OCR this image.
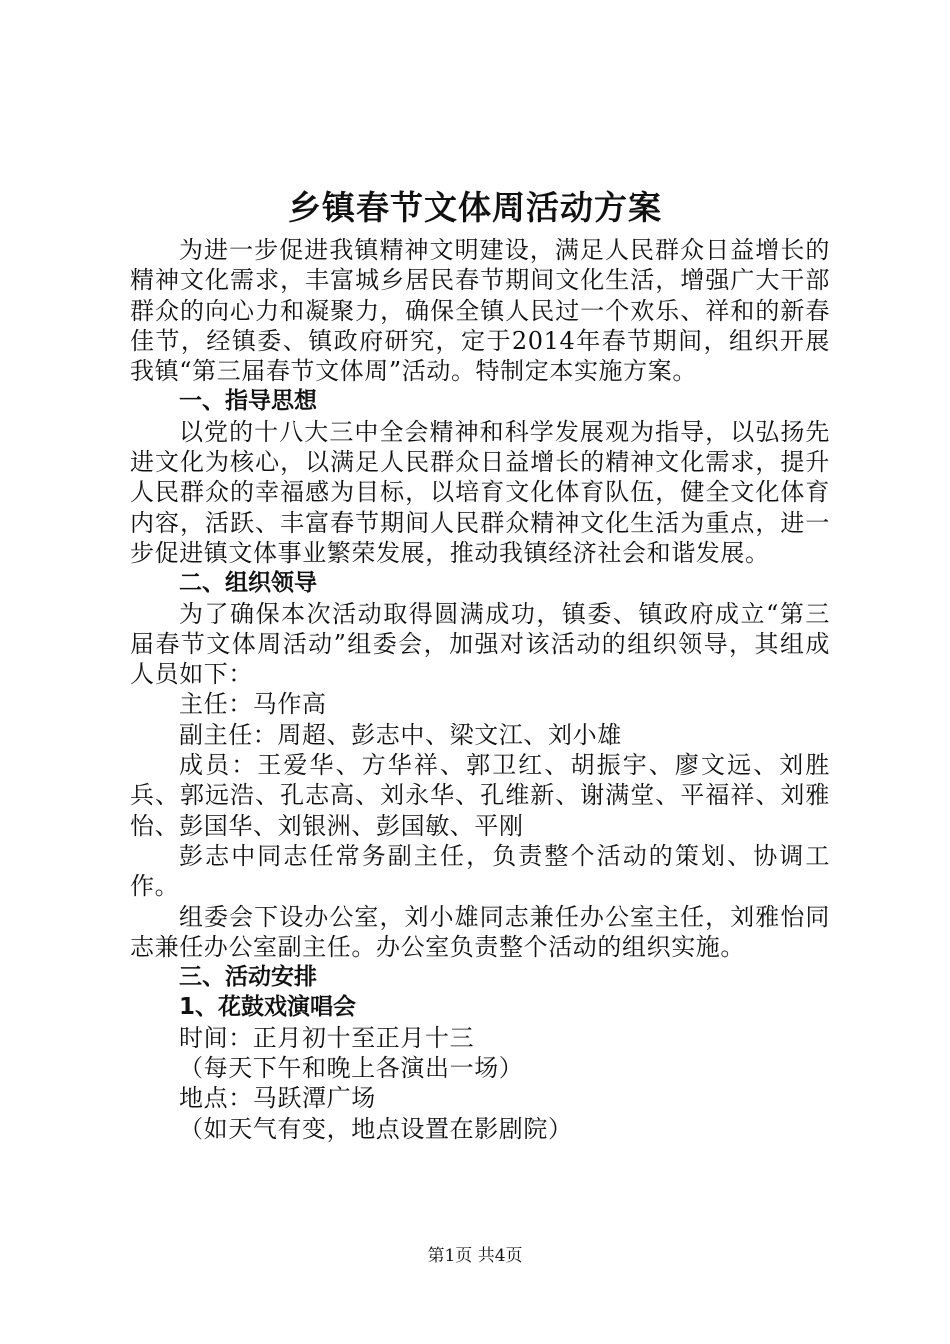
乡镇春节文体周活动方案

为进一步促进我镇精神文明建设，满足人民群众日益增长的精神文化需求，丰富城乡居民春节期间文化生活，增强广大干部群众的向心力和凝聚力，确保全镇人民过一个欢乐、祥和的新春佳节，经镇委、镇政府研究，定于2014年春节期间，组织开展我镇“第三届春节文体周”活动。特制定本实施方案。

一、指导思想

以党的十八大三中全会精神和科学发展观为指导，以弘扬先进文化为核心，以满足人民群众日益增长的精神文化需求，提升人民群众的幸福感为目标，以培育文化体育队伍，健全文化体育内容，活跃、丰富春节期间人民群众精神文化生活为重点，进一步促进镇文体事业繁荣发展，推动我镇经济社会和谐发展。

二、组织领导

为了确保本次活动取得圆满成功，镇委、镇政府成立“第三届春节文体周活动”组委会，加强对该活动的组织领导，其组成人员如下：

主任：马作高

副主任：周超、彭志中、梁文江、刘小雄

成员：王爱华、方华祥、郭卫红、胡振宇、廖文远、刘胜兵、郭远浩、孔志高、刘永华、孔维新、谢满堂、平福祥、刘雅怡、彭国华、刘银洲、彭国敏、平刚

彭志中同志任常务副主任，负责整个活动的策划、协调工作。

组委会下设办公室，刘小雄同志兼任办公室主任，刘雅怡同志兼任办公室副主任。办公室负责整个活动的组织实施。

三、活动安排

1、花鼓戏演唱会

时间：正月初十至正月十三

（每天下午和晚上各演出一场）

地点：马跃潭广场

（如天气有变，地点设置在影剧院）

第1页 共4页
